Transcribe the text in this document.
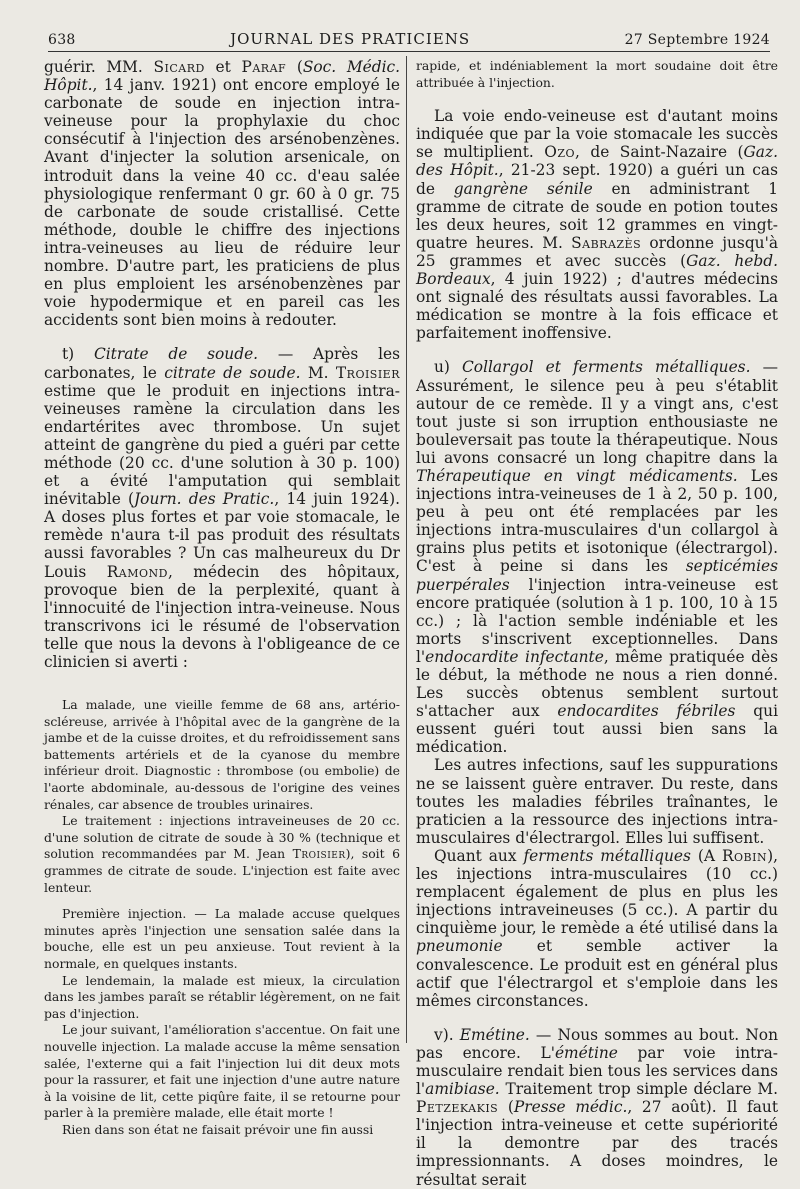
638	JOURNAL DES PRATICIENS	27 Septembre 1924

guérir. MM. Sicard et Paraf (Soc. Médic. Hôpit., 14 janv. 1921) ont encore employé le carbonate de soude en injection intra-veineuse pour la prophylaxie du choc consécutif à l'injection des arsénobenzènes. Avant d'injecter la solution arsenicale, on introduit dans la veine 40 cc. d'eau salée physiologique renfermant 0 gr. 60 à 0 gr. 75 de carbonate de soude cristallisé. Cette méthode, double le chiffre des injections intra-veineuses au lieu de réduire leur nombre. D'autre part, les praticiens de plus en plus emploient les arsénobenzènes par voie hypodermique et en pareil cas les accidents sont bien moins à redouter.

t) Citrate de soude. — Après les carbonates, le citrate de soude. M. Troisier estime que le produit en injections intra-veineuses ramène la circulation dans les endartérites avec thrombose. Un sujet atteint de gangrène du pied a guéri par cette méthode (20 cc. d'une solution à 30 p. 100) et a évité l'amputation qui semblait inévitable (Journ. des Pratic., 14 juin 1924). A doses plus fortes et par voie stomacale, le remède n'aura t-il pas produit des résultats aussi favorables ? Un cas malheureux du Dr Louis Ramond, médecin des hôpitaux, provoque bien de la perplexité, quant à l'innocuité de l'injection intra-veineuse. Nous transcrivons ici le résumé de l'observation telle que nous la devons à l'obligeance de ce clinicien si averti :

La malade, une vieille femme de 68 ans, artério-scléreuse, arrivée à l'hôpital avec de la gangrène de la jambe et de la cuisse droites, et du refroidissement sans battements artériels et de la cyanose du membre inférieur droit. Diagnostic : thrombose (ou embolie) de l'aorte abdominale, au-dessous de l'origine des veines rénales, car absence de troubles urinaires.

Le traitement : injections intraveineuses de 20 cc. d'une solution de citrate de soude à 30 % (technique et solution recommandées par M. Jean Troisier), soit 6 grammes de citrate de soude. L'injection est faite avec lenteur.

Première injection. — La malade accuse quelques minutes après l'injection une sensation salée dans la bouche, elle est un peu anxieuse. Tout revient à la normale, en quelques instants.

Le lendemain, la malade est mieux, la circulation dans les jambes paraît se rétablir légèrement, on ne fait pas d'injection.

Le jour suivant, l'amélioration s'accentue. On fait une nouvelle injection. La malade accuse la même sensation salée, l'externe qui a fait l'injection lui dit deux mots pour la rassurer, et fait une injection d'une autre nature à la voisine de lit, cette piqûre faite, il se retourne pour parler à la première malade, elle était morte !

Rien dans son état ne faisait prévoir une fin aussi

rapide, et indéniablement la mort soudaine doit être attribuée à l'injection.

La voie endo-veineuse est d'autant moins indiquée que par la voie stomacale les succès se multiplient. Ozo, de Saint-Nazaire (Gaz. des Hôpit., 21-23 sept. 1920) a guéri un cas de gangrène sénile en administrant 1 gramme de citrate de soude en potion toutes les deux heures, soit 12 grammes en vingt-quatre heures. M. Sabrazès ordonne jusqu'à 25 grammes et avec succès (Gaz. hebd. Bordeaux, 4 juin 1922) ; d'autres médecins ont signalé des résultats aussi favorables. La médication se montre à la fois efficace et parfaitement inoffensive.

u) Collargol et ferments métalliques. — Assurément, le silence peu à peu s'établit autour de ce remède. Il y a vingt ans, c'est tout juste si son irruption enthousiaste ne bouleversait pas toute la thérapeutique. Nous lui avons consacré un long chapitre dans la Thérapeutique en vingt médicaments. Les injections intra-veineuses de 1 à 2, 50 p. 100, peu à peu ont été remplacées par les injections intra-musculaires d'un collargol à grains plus petits et isotonique (électrargol). C'est à peine si dans les septicémies puerpérales l'injection intra-veineuse est encore pratiquée (solution à 1 p. 100, 10 à 15 cc.) ; là l'action semble indéniable et les morts s'inscrivent exceptionnelles. Dans l'endocardite infectante, même pratiquée dès le début, la méthode ne nous a rien donné. Les succès obtenus semblent surtout s'attacher aux endocardites fébriles qui eussent guéri tout aussi bien sans la médication.

Les autres infections, sauf les suppurations ne se laissent guère entraver. Du reste, dans toutes les maladies fébriles traînantes, le praticien a la ressource des injections intra-musculaires d'électrargol. Elles lui suffisent.

Quant aux ferments métalliques (A Robin), les injections intra-musculaires (10 cc.) remplacent également de plus en plus les injections intraveineuses (5 cc.). A partir du cinquième jour, le remède a été utilisé dans la pneumonie et semble activer la convalescence. Le produit est en général plus actif que l'électrargol et s'emploie dans les mêmes circonstances.

v). Emétine. — Nous sommes au bout. Non pas encore. L'émétine par voie intra-musculaire rendait bien tous les services dans l'amibiase. Traitement trop simple déclare M. Petzekakis (Presse médic., 27 août). Il faut l'injection intra-veineuse et cette supériorité il la demontre par des tracés impressionnants. A doses moindres, le résultat serait
